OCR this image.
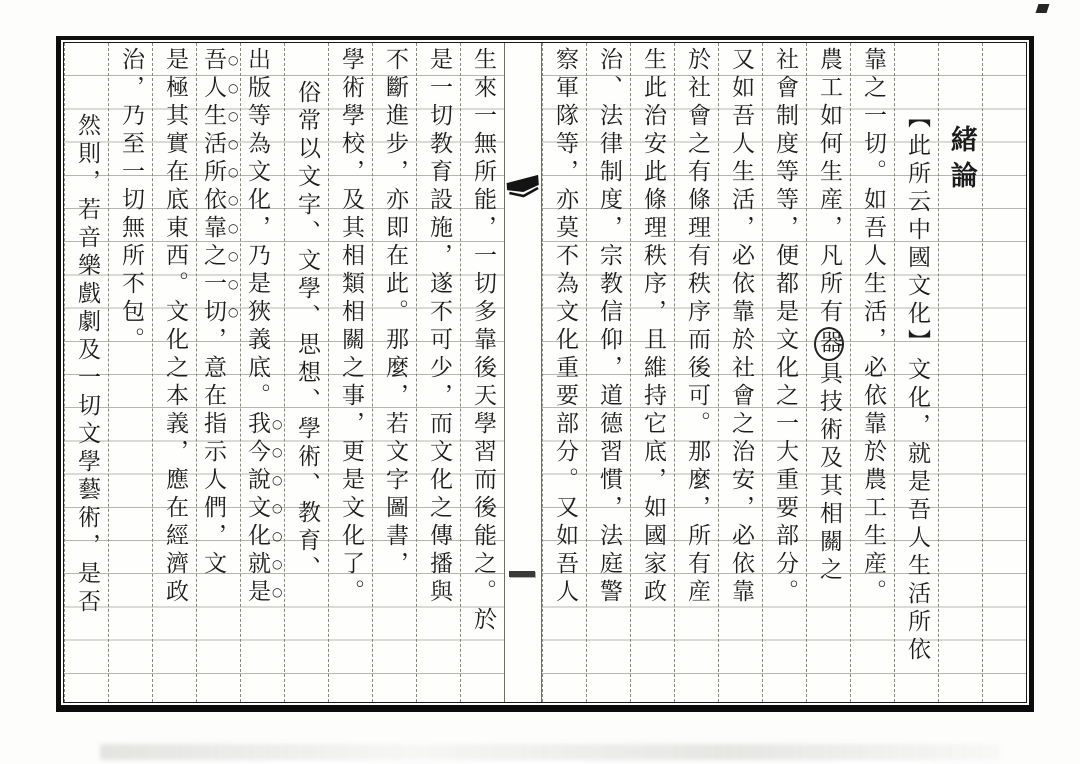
緒論
【此所云中國文化】文化，就是吾人生活所依
靠之一切。如吾人生活，必依靠於農工生産。
農工如何生産，凡所有器具技術及其相關之
社會制度等等，便都是文化之一大重要部分。
又如吾人生活，必依靠於社會之治安，必依靠
於社會之有條理有秩序而後可。那麼，所有産
生此治安此條理秩序，且維持它底，如國家政
治、法律制度，宗教信仰，道德習慣，法庭警
察軍隊等，亦莫不為文化重要部分。又如吾人
生來一無所能，一切多靠後天學習而後能之。於
是一切教育設施，遂不可少，而文化之傳播與
不斷進步，亦即在此。那麼，若文字圖書，
學術學校，及其相類相關之事，更是文化了。
俗常以文字、文學、思想、學術、教育、
出版等為文化，乃是狹義底。我今說文化就是
吾人生活所依靠之一切，意在指示人們，文
是極其實在底東西。文化之本義，應在經濟政
治，乃至一切無所不包。
然則，若音樂戲劇及一切文學藝術，是否
